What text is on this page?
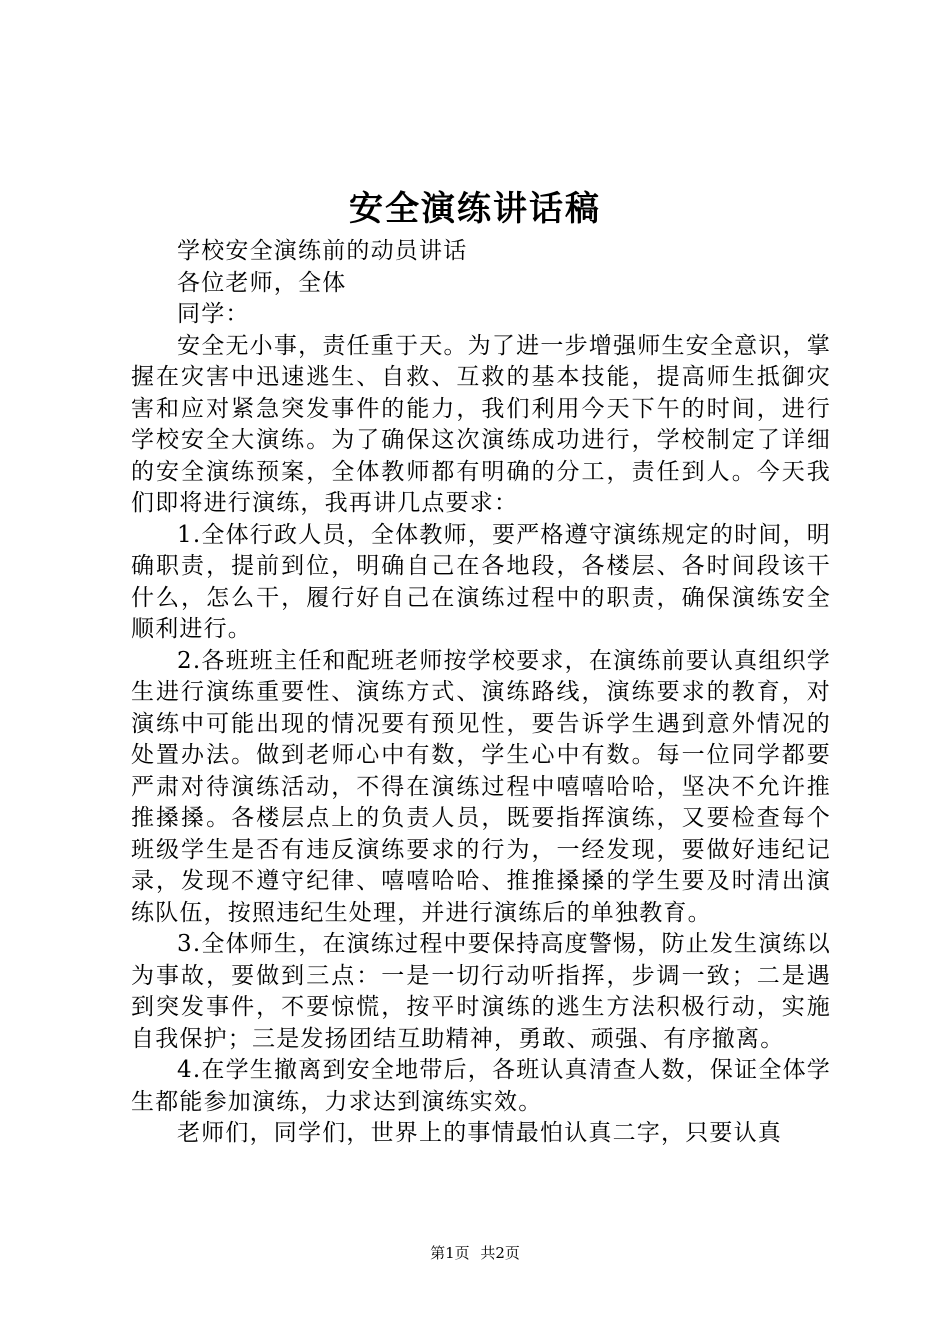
安全演练讲话稿

学校安全演练前的动员讲话

各位老师，全体

同学：

安全无小事，责任重于天。为了进一步增强师生安全意识，掌握在灾害中迅速逃生、自救、互救的基本技能，提高师生抵御灾害和应对紧急突发事件的能力，我们利用今天下午的时间，进行学校安全大演练。为了确保这次演练成功进行，学校制定了详细的安全演练预案，全体教师都有明确的分工，责任到人。今天我们即将进行演练，我再讲几点要求：

1.全体行政人员，全体教师，要严格遵守演练规定的时间，明确职责，提前到位，明确自己在各地段，各楼层、各时间段该干什么，怎么干，履行好自己在演练过程中的职责，确保演练安全顺利进行。

2.各班班主任和配班老师按学校要求，在演练前要认真组织学生进行演练重要性、演练方式、演练路线，演练要求的教育，对演练中可能出现的情况要有预见性，要告诉学生遇到意外情况的处置办法。做到老师心中有数，学生心中有数。每一位同学都要严肃对待演练活动，不得在演练过程中嘻嘻哈哈，坚决不允许推推搡搡。各楼层点上的负责人员，既要指挥演练，又要检查每个班级学生是否有违反演练要求的行为，一经发现，要做好违纪记录，发现不遵守纪律、嘻嘻哈哈、推推搡搡的学生要及时清出演练队伍，按照违纪生处理，并进行演练后的单独教育。

3.全体师生，在演练过程中要保持高度警惕，防止发生演练以为事故，要做到三点：一是一切行动听指挥，步调一致；二是遇到突发事件，不要惊慌，按平时演练的逃生方法积极行动，实施自我保护；三是发扬团结互助精神，勇敢、顽强、有序撤离。

4.在学生撤离到安全地带后，各班认真清查人数，保证全体学生都能参加演练，力求达到演练实效。

老师们，同学们，世界上的事情最怕认真二字，只要认真

第1页 共2页
